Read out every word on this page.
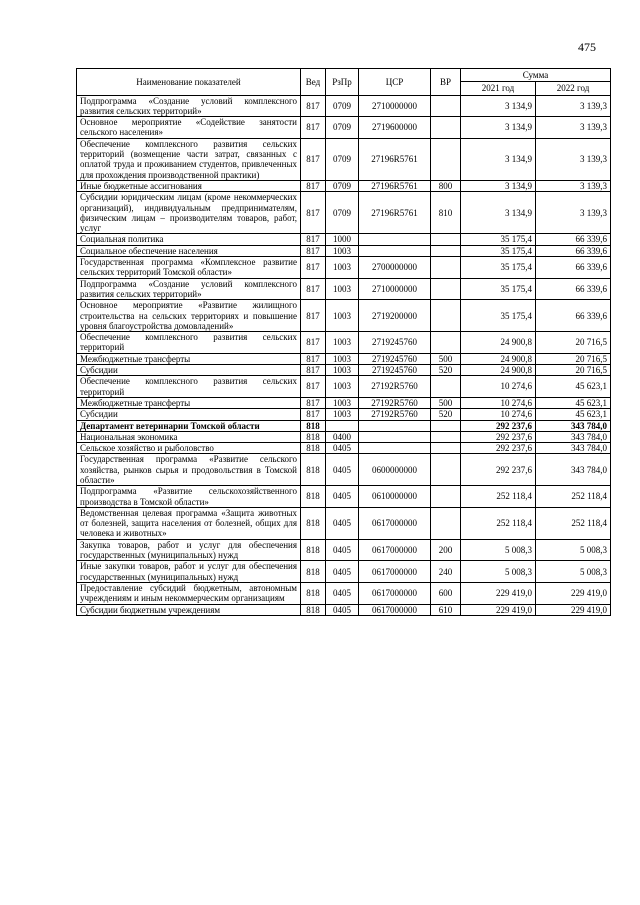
475
Наименование показателей	Вед	РзПр	ЦСР	ВР	Сумма	
					2021 год	2022 год
Подпрограмма «Создание условий комплексного развития сельских территорий»	817	0709	2710000000		3 134,9	3 139,3
Основное мероприятие «Содействие занятости сельского населения»	817	0709	2719600000		3 134,9	3 139,3
Обеспечение комплексного развития сельских территорий (возмещение части затрат, связанных с оплатой труда и проживанием студентов, привлеченных для прохождения производственной практики)	817	0709	27196R5761		3 134,9	3 139,3
Иные бюджетные ассигнования	817	0709	27196R5761	800	3 134,9	3 139,3
Субсидии юридическим лицам (кроме некоммерческих организаций), индивидуальным предпринимателям, физическим лицам – производителям товаров, работ, услуг	817	0709	27196R5761	810	3 134,9	3 139,3
Социальная политика	817	1000			35 175,4	66 339,6
Социальное обеспечение населения	817	1003			35 175,4	66 339,6
Государственная программа «Комплексное развитие сельских территорий Томской области»	817	1003	2700000000		35 175,4	66 339,6
Подпрограмма «Создание условий комплексного развития сельских территорий»	817	1003	2710000000		35 175,4	66 339,6
Основное мероприятие «Развитие жилищного строительства на сельских территориях и повышение уровня благоустройства домовладений»	817	1003	2719200000		35 175,4	66 339,6
Обеспечение комплексного развития сельских территорий	817	1003	2719245760		24 900,8	20 716,5
Межбюджетные трансферты	817	1003	2719245760	500	24 900,8	20 716,5
Субсидии	817	1003	2719245760	520	24 900,8	20 716,5
Обеспечение комплексного развития сельских территорий	817	1003	27192R5760		10 274,6	45 623,1
Межбюджетные трансферты	817	1003	27192R5760	500	10 274,6	45 623,1
Субсидии	817	1003	27192R5760	520	10 274,6	45 623,1
Департамент ветеринарии Томской области	818				292 237,6	343 784,0
Национальная экономика	818	0400			292 237,6	343 784,0
Сельское хозяйство и рыболовство	818	0405			292 237,6	343 784,0
Государственная программа «Развитие сельского хозяйства, рынков сырья и продовольствия в Томской области»	818	0405	0600000000		292 237,6	343 784,0
Подпрограмма «Развитие сельскохозяйственного производства в Томской области»	818	0405	0610000000		252 118,4	252 118,4
Ведомственная целевая программа «Защита животных от болезней, защита населения от болезней, общих для человека и животных»	818	0405	0617000000		252 118,4	252 118,4
Закупка товаров, работ и услуг для обеспечения государственных (муниципальных) нужд	818	0405	0617000000	200	5 008,3	5 008,3
Иные закупки товаров, работ и услуг для обеспечения государственных (муниципальных) нужд	818	0405	0617000000	240	5 008,3	5 008,3
Предоставление субсидий бюджетным, автономным учреждениям и иным некоммерческим организациям	818	0405	0617000000	600	229 419,0	229 419,0
Субсидии бюджетным учреждениям	818	0405	0617000000	610	229 419,0	229 419,0
